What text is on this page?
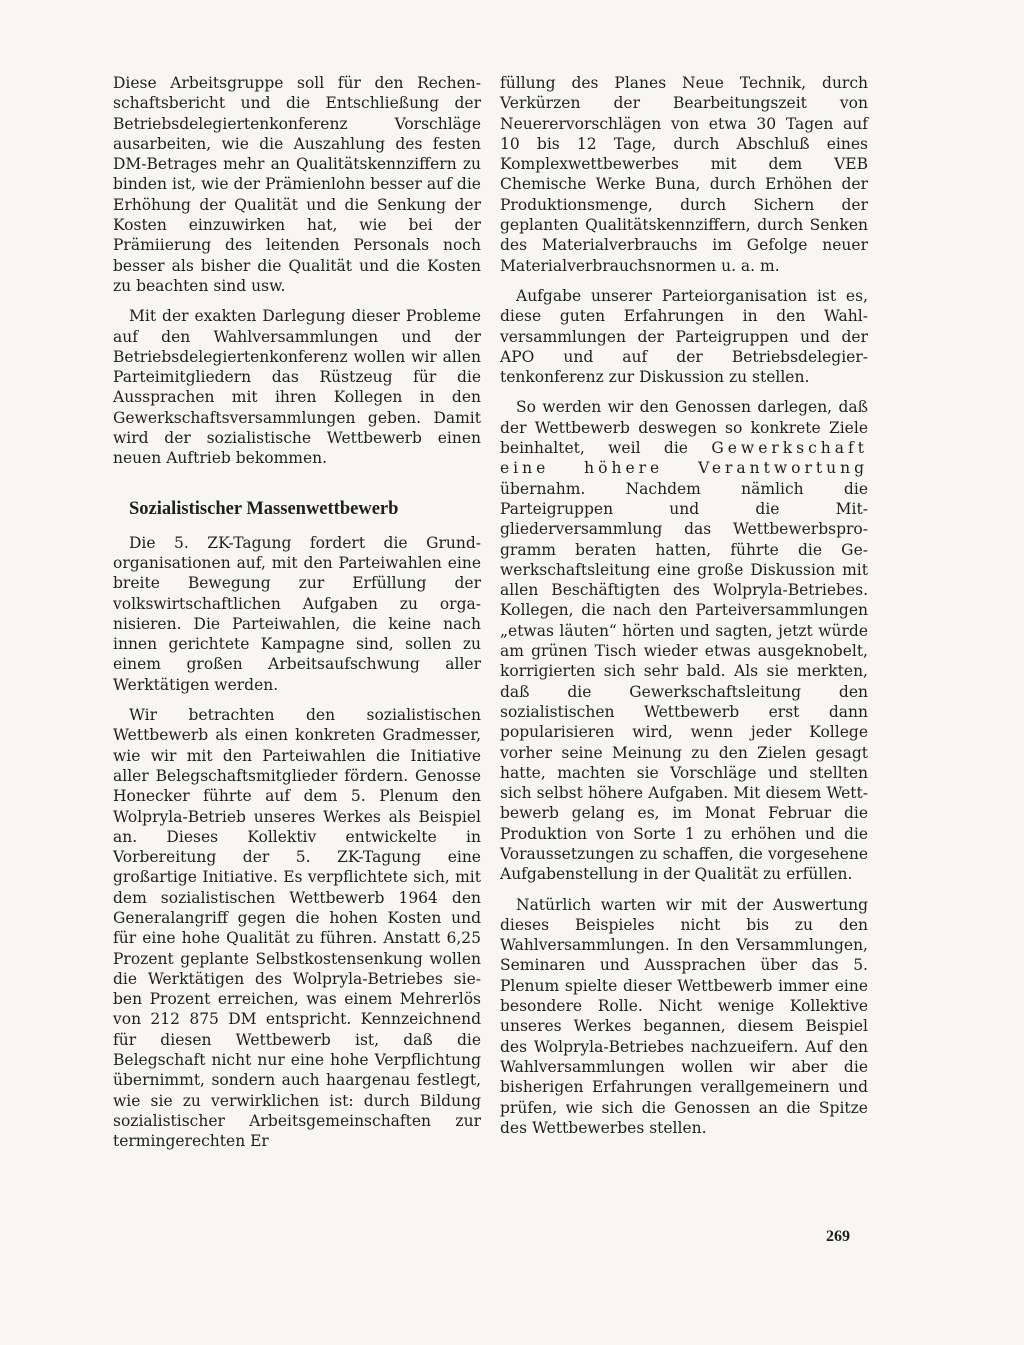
Diese Arbeitsgruppe soll für den Rechenschaftsbericht und die Entschließung der Betriebsdelegiertenkonferenz Vorschläge ausarbeiten, wie die Auszahlung des festen DM-Betrages mehr an Qualitätskennziffern zu binden ist, wie der Prämienlohn besser auf die Erhöhung der Qualität und die Senkung der Kosten einzuwirken hat, wie bei der Prämiierung des leitenden Personals noch besser als bisher die Qualität und die Kosten zu beachten sind usw.

Mit der exakten Darlegung dieser Probleme auf den Wahlversammlungen und der Betriebsdelegiertenkonferenz wollen wir allen Parteimitgliedern das Rüstzeug für die Aussprachen mit ihren Kollegen in den Gewerkschaftsversammlungen geben. Damit wird der sozialistische Wettbewerb einen neuen Auftrieb bekommen.

Sozialistischer Massenwettbewerb

Die 5. ZK-Tagung fordert die Grundorganisationen auf, mit den Parteiwahlen eine breite Bewegung zur Erfüllung der volkswirtschaftlichen Aufgaben zu organisieren. Die Parteiwahlen, die keine nach innen gerichtete Kampagne sind, sollen zu einem großen Arbeitsaufschwung aller Werktätigen werden.

Wir betrachten den sozialistischen Wettbewerb als einen konkreten Gradmesser, wie wir mit den Parteiwahlen die Initiative aller Belegschaftsmitglieder fördern. Genosse Honecker führte auf dem 5. Plenum den Wolpryla-Betrieb unseres Werkes als Beispiel an. Dieses Kollektiv entwickelte in Vorbereitung der 5. ZK-Tagung eine großartige Initiative. Es verpflichtete sich, mit dem sozialistischen Wettbewerb 1964 den Generalangriff gegen die hohen Kosten und für eine hohe Qualität zu führen. Anstatt 6,25 Prozent geplante Selbstkostensenkung wollen die Werktätigen des Wolpryla-Betriebes sieben Prozent erreichen, was einem Mehrerlös von 212 875 DM entspricht. Kennzeichnend für diesen Wettbewerb ist, daß die Belegschaft nicht nur eine hohe Verpflichtung übernimmt, sondern auch haargenau festlegt, wie sie zu verwirklichen ist: durch Bildung sozialistischer Arbeitsgemeinschaften zur termingerechten Er

füllung des Planes Neue Technik, durch Verkürzen der Bearbeitungszeit von Neuerervorschlägen von etwa 30 Tagen auf 10 bis 12 Tage, durch Abschluß eines Komplexwettbewerbes mit dem VEB Chemische Werke Buna, durch Erhöhen der Produktionsmenge, durch Sichern der geplanten Qualitätskennziffern, durch Senken des Materialverbrauchs im Gefolge neuer Materialverbrauchsnormen u. a. m.

Aufgabe unserer Parteiorganisation ist es, diese guten Erfahrungen in den Wahlversammlungen der Parteigruppen und der APO und auf der Betriebsdelegiertenkonferenz zur Diskussion zu stellen.

So werden wir den Genossen darlegen, daß der Wettbewerb deswegen so konkrete Ziele beinhaltet, weil die Gewerkschaft eine höhere Verantwortung übernahm. Nachdem nämlich die Parteigruppen und die Mitgliederversammlung das Wettbewerbsprogramm beraten hatten, führte die Gewerkschaftsleitung eine große Diskussion mit allen Beschäftigten des Wolpryla-Betriebes. Kollegen, die nach den Parteiversammlungen „etwas läuten“ hörten und sagten, jetzt würde am grünen Tisch wieder etwas ausgeknobelt, korrigierten sich sehr bald. Als sie merkten, daß die Gewerkschaftsleitung den sozialistischen Wettbewerb erst dann popularisieren wird, wenn jeder Kollege vorher seine Meinung zu den Zielen gesagt hatte, machten sie Vorschläge und stellten sich selbst höhere Aufgaben. Mit diesem Wettbewerb gelang es, im Monat Februar die Produktion von Sorte 1 zu erhöhen und die Voraussetzungen zu schaffen, die vorgesehene Aufgabenstellung in der Qualität zu erfüllen.

Natürlich warten wir mit der Auswertung dieses Beispieles nicht bis zu den Wahlversammlungen. In den Versammlungen, Seminaren und Aussprachen über das 5. Plenum spielte dieser Wettbewerb immer eine besondere Rolle. Nicht wenige Kollektive unseres Werkes begannen, diesem Beispiel des Wolpryla-Betriebes nachzueifern. Auf den Wahlversammlungen wollen wir aber die bisherigen Erfahrungen verallgemeinern und prüfen, wie sich die Genossen an die Spitze des Wettbewerbes stellen.

269
